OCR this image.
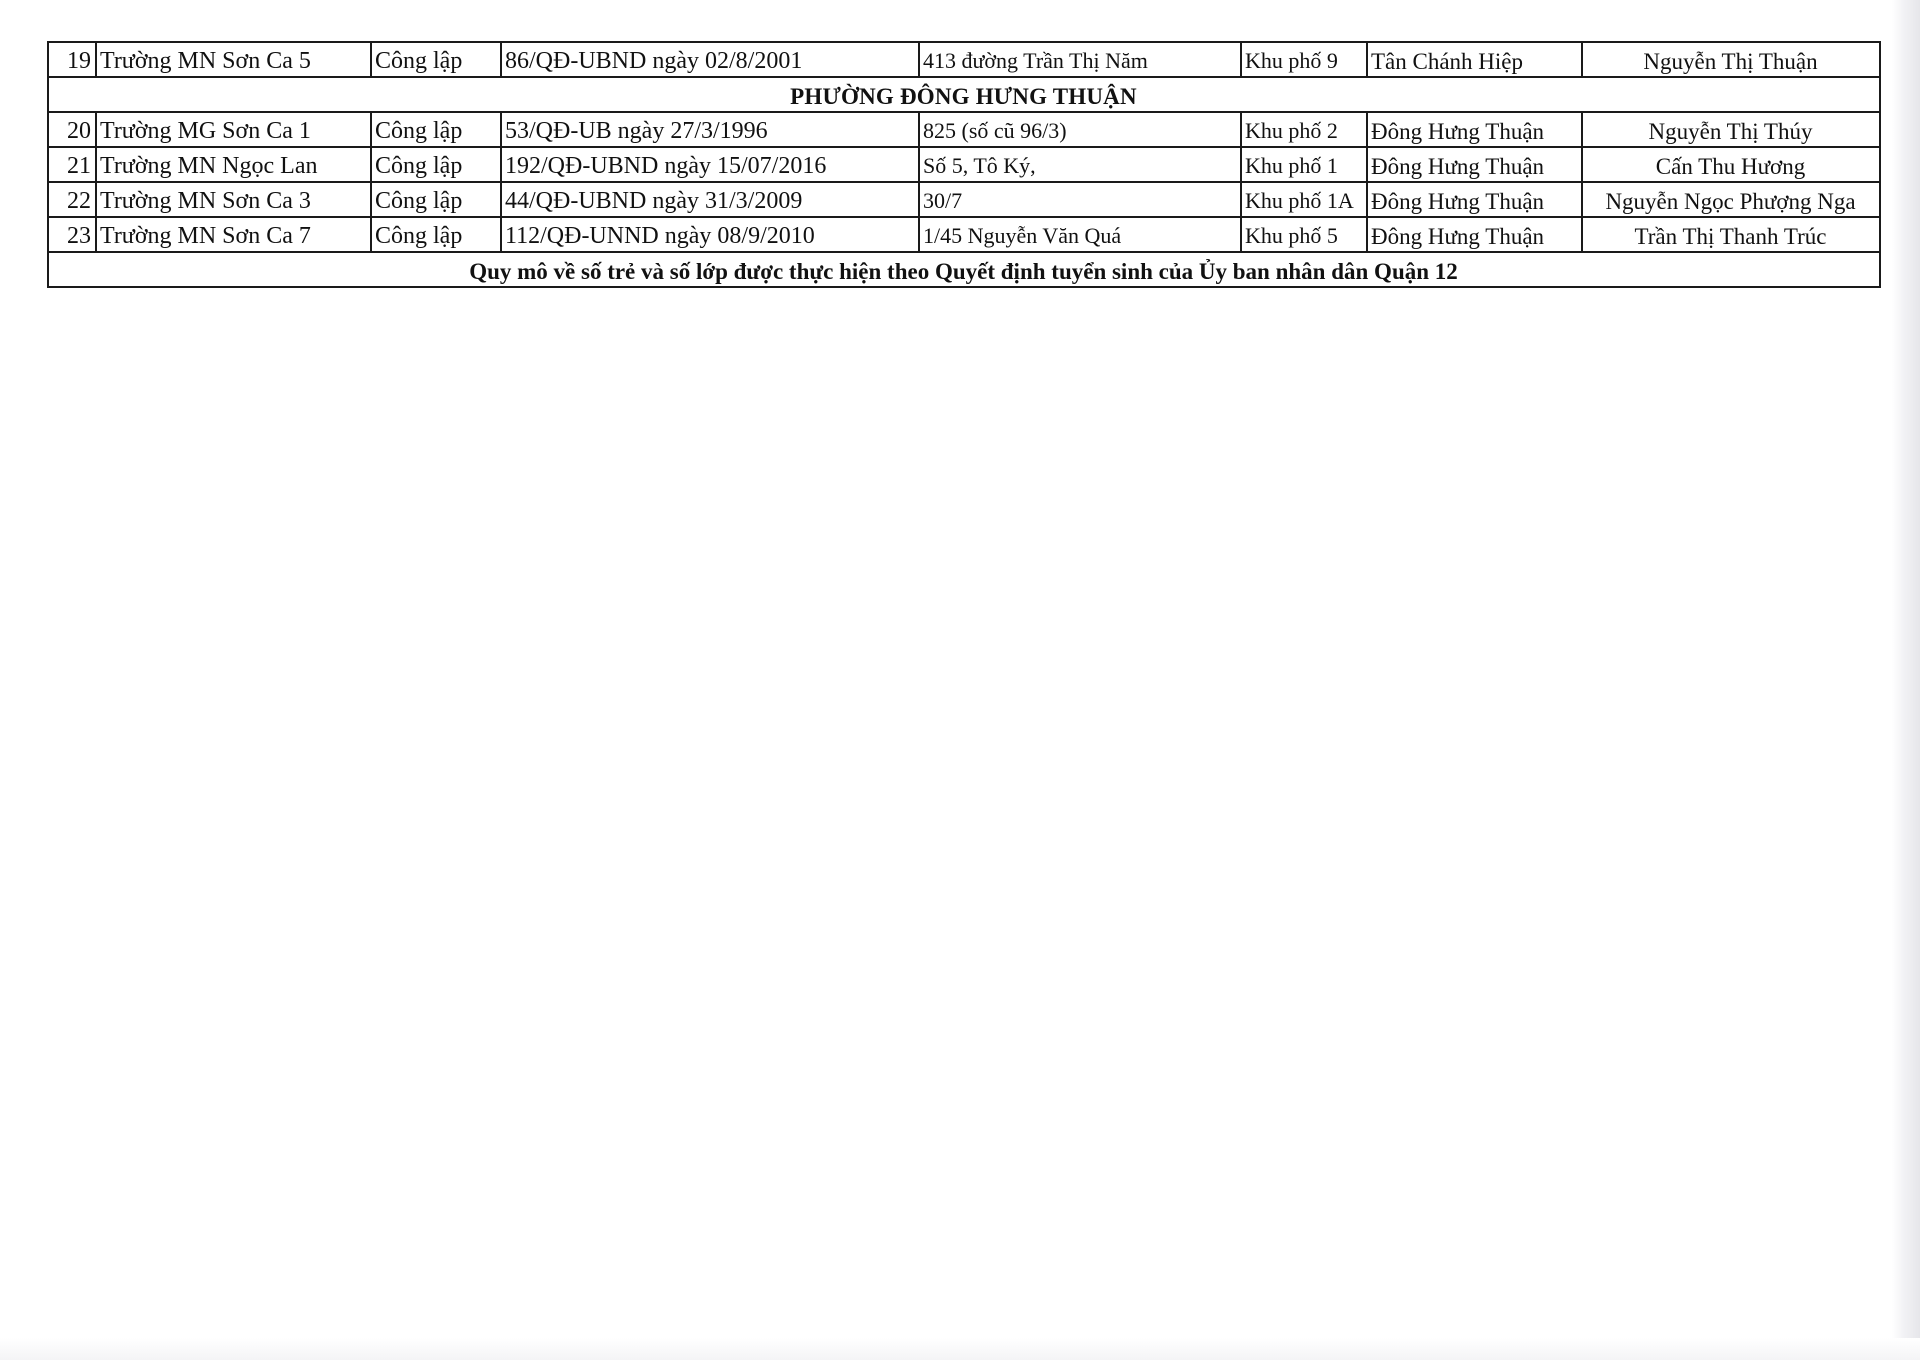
19	Trường MN Sơn Ca 5	Công lập	86/QĐ-UBND ngày 02/8/2001	413 đường Trần Thị Năm	Khu phố 9	Tân Chánh Hiệp	Nguyễn Thị Thuận
PHƯỜNG ĐÔNG HƯNG THUẬN							
20	Trường MG Sơn Ca 1	Công lập	53/QĐ-UB ngày 27/3/1996	825 (số cũ 96/3)	Khu phố 2	Đông Hưng Thuận	Nguyễn Thị Thúy
21	Trường MN Ngọc Lan	Công lập	192/QĐ-UBND ngày 15/07/2016	Số 5, Tô Ký,	Khu phố 1	Đông Hưng Thuận	Cấn Thu Hương
22	Trường MN Sơn Ca 3	Công lập	44/QĐ-UBND ngày 31/3/2009	30/7	Khu phố 1A	Đông Hưng Thuận	Nguyễn Ngọc Phượng Nga
23	Trường MN Sơn Ca 7	Công lập	112/QĐ-UNND ngày 08/9/2010	1/45 Nguyễn Văn Quá	Khu phố 5	Đông Hưng Thuận	Trần Thị Thanh Trúc
Quy mô về số trẻ và số lớp được thực hiện theo Quyết định tuyển sinh của Ủy ban nhân dân Quận 12							
